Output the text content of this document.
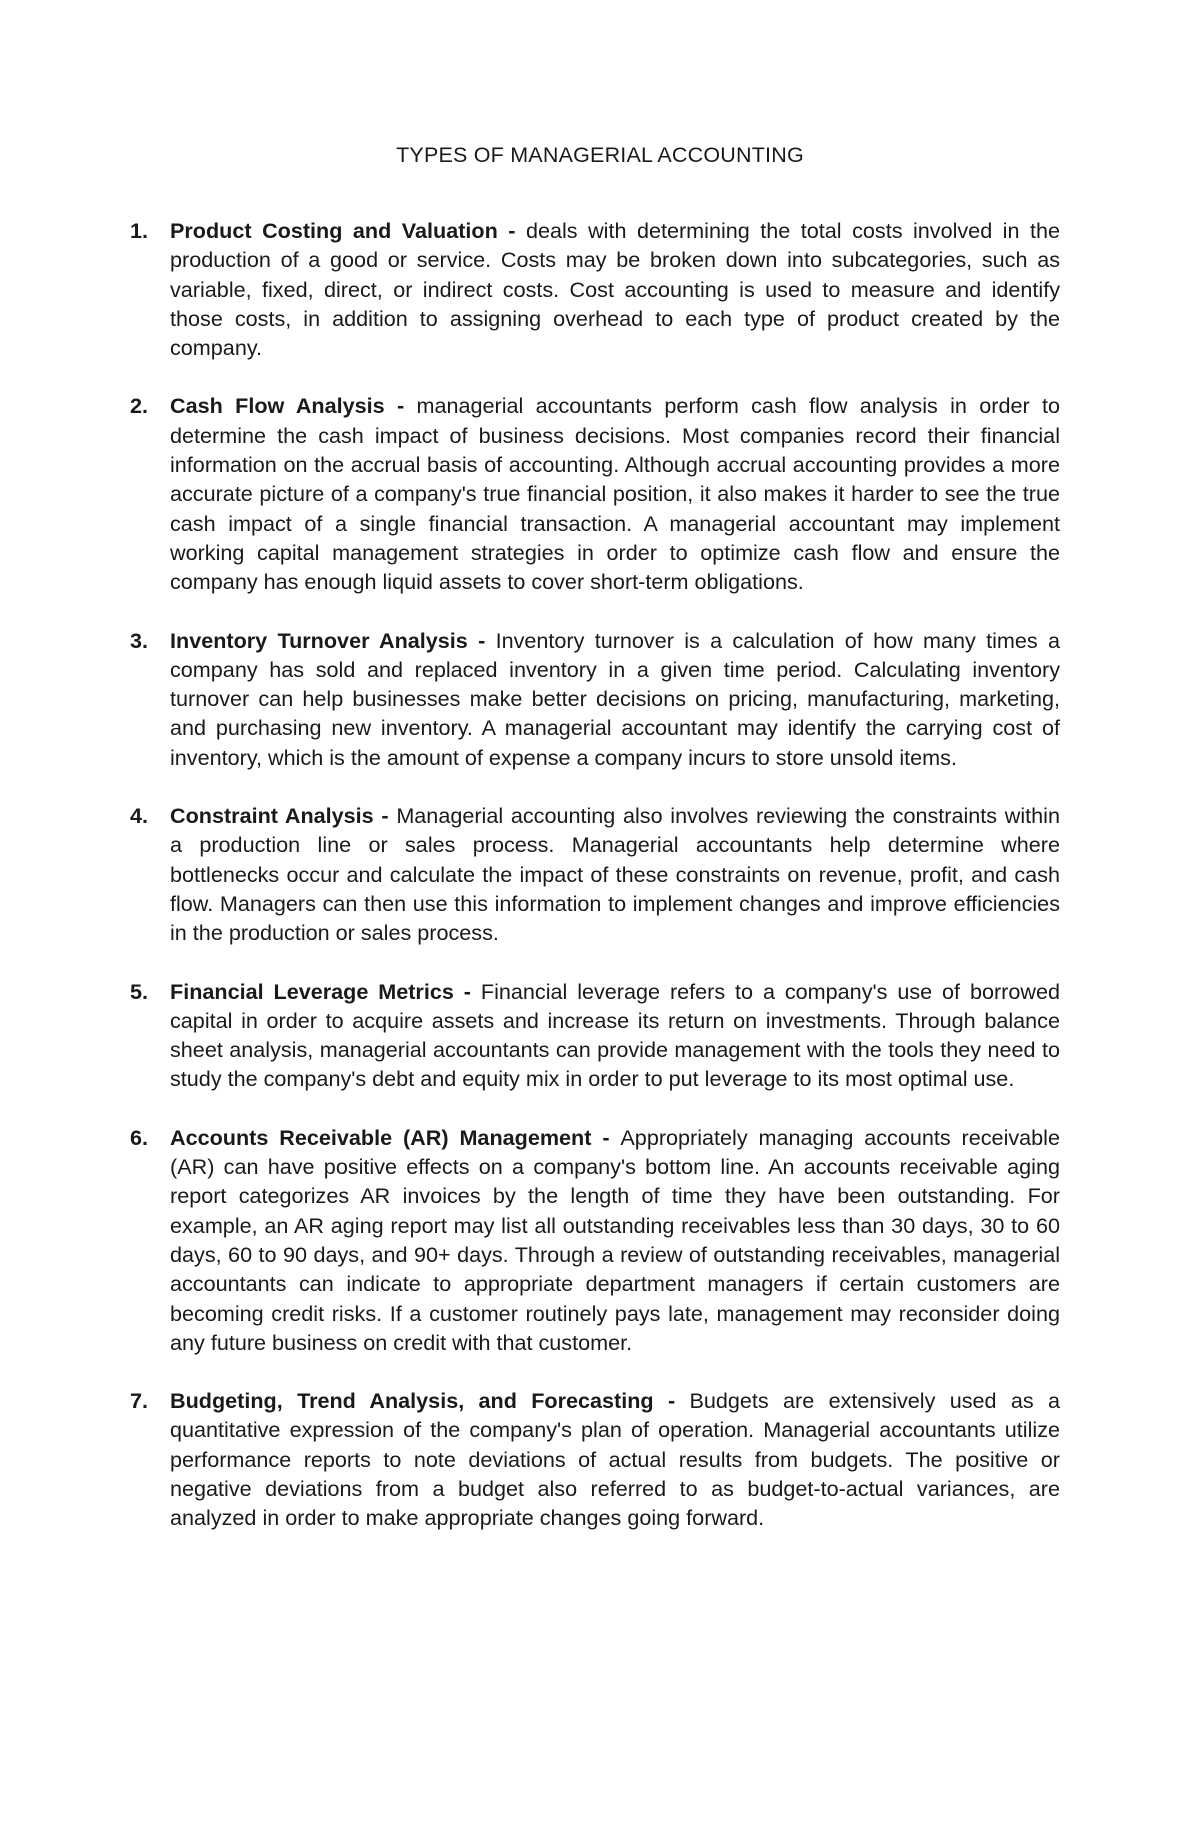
TYPES OF MANAGERIAL ACCOUNTING
1. Product Costing and Valuation - deals with determining the total costs involved in the production of a good or service. Costs may be broken down into subcategories, such as variable, fixed, direct, or indirect costs. Cost accounting is used to measure and identify those costs, in addition to assigning overhead to each type of product created by the company.
2. Cash Flow Analysis - managerial accountants perform cash flow analysis in order to determine the cash impact of business decisions. Most companies record their financial information on the accrual basis of accounting. Although accrual accounting provides a more accurate picture of a company's true financial position, it also makes it harder to see the true cash impact of a single financial transaction. A managerial accountant may implement working capital management strategies in order to optimize cash flow and ensure the company has enough liquid assets to cover short-term obligations.
3. Inventory Turnover Analysis - Inventory turnover is a calculation of how many times a company has sold and replaced inventory in a given time period. Calculating inventory turnover can help businesses make better decisions on pricing, manufacturing, marketing, and purchasing new inventory. A managerial accountant may identify the carrying cost of inventory, which is the amount of expense a company incurs to store unsold items.
4. Constraint Analysis - Managerial accounting also involves reviewing the constraints within a production line or sales process. Managerial accountants help determine where bottlenecks occur and calculate the impact of these constraints on revenue, profit, and cash flow. Managers can then use this information to implement changes and improve efficiencies in the production or sales process.
5. Financial Leverage Metrics - Financial leverage refers to a company's use of borrowed capital in order to acquire assets and increase its return on investments. Through balance sheet analysis, managerial accountants can provide management with the tools they need to study the company's debt and equity mix in order to put leverage to its most optimal use.
6. Accounts Receivable (AR) Management - Appropriately managing accounts receivable (AR) can have positive effects on a company's bottom line. An accounts receivable aging report categorizes AR invoices by the length of time they have been outstanding. For example, an AR aging report may list all outstanding receivables less than 30 days, 30 to 60 days, 60 to 90 days, and 90+ days. Through a review of outstanding receivables, managerial accountants can indicate to appropriate department managers if certain customers are becoming credit risks. If a customer routinely pays late, management may reconsider doing any future business on credit with that customer.
7. Budgeting, Trend Analysis, and Forecasting - Budgets are extensively used as a quantitative expression of the company's plan of operation. Managerial accountants utilize performance reports to note deviations of actual results from budgets. The positive or negative deviations from a budget also referred to as budget-to-actual variances, are analyzed in order to make appropriate changes going forward.
